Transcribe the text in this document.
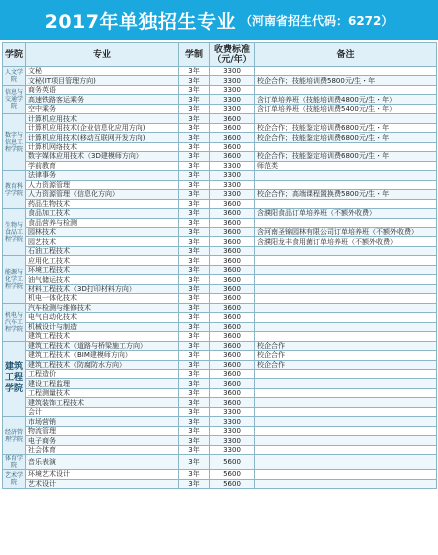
2017年单独招生专业 （河南省招生代码：6272）
学院	专业	学制	收费标准（元/年）	备注
人文学院	文秘	3年	3300	
	文秘(IT项目管理方向)	3年	3300	校企合作；技能培训费5800元/生・年
信息与交通学院	商务英语	3年	3300	
	高速铁路客运乘务	3年	3300	含订单培养班（技能培训费4800元/生・年）
	空中乘务	3年	3300	含订单培养班（技能培训费5400元/生・年）
数字与信息工程学院	计算机应用技术	3年	3600	
	计算机应用技术(企业信息化应用方向)	3年	3600	校企合作；技能鉴定培训费6800元/生・年
	计算机应用技术(移动互联网开发方向)	3年	3600	校企合作；技能鉴定培训费6800元/生・年
	计算机网络技术	3年	3600	
	数字媒体应用技术（3D建模师方向）	3年	3600	校企合作；技能鉴定培训费6800元/生・年
	学前教育	3年	3300	师范类
教育科学学院	法律事务	3年	3300	
	人力资源管理	3年	3300	
	人力资源管理（信息化方向）	3年	3300	校企合作；高端课程置换费5800元/生・年
	药品生物技术	3年	3600	
生物与食品工程学院	食品加工技术	3年	3600	含濮阳食品订单培养班（不额外收费）
	食品营养与检测	3年	3600	
	园林技术	3年	3600	含河南圣锦园林有限公司订单培养班（不额外收费）
	园艺技术	3年	3600	含濮阳龙丰食用菌订单培养班（不额外收费）
	石油工程技术	3年	3600	
能源与化学工程学院	应用化工技术	3年	3600	
	环境工程技术	3年	3600	
	油气储运技术	3年	3600	
	材料工程技术（3D打印材料方向）	3年	3600	
	机电一体化技术	3年	3600	
机电与汽车工程学院	汽车检测与维修技术	3年	3600	
	电气自动化技术	3年	3600	
	机械设计与制造	3年	3600	
	建筑工程技术	3年	3600	
建筑工程学院	建筑工程技术（道路与桥梁施工方向）	3年	3600	校企合作
	建筑工程技术（BIM建模师方向）	3年	3600	校企合作
	建筑工程技术（防腐防水方向）	3年	3600	校企合作
	工程造价	3年	3600	
	建设工程监理	3年	3600	
	工程测量技术	3年	3600	
	建筑装饰工程技术	3年	3600	
	会计	3年	3300	
经济管理学院	市场营销	3年	3300	
	物流管理	3年	3300	
	电子商务	3年	3300	
	社会体育	3年	3300	
体育学院	音乐表演	3年	5600	
艺术学院	环境艺术设计	3年	5600	
	艺术设计	3年	5600	
